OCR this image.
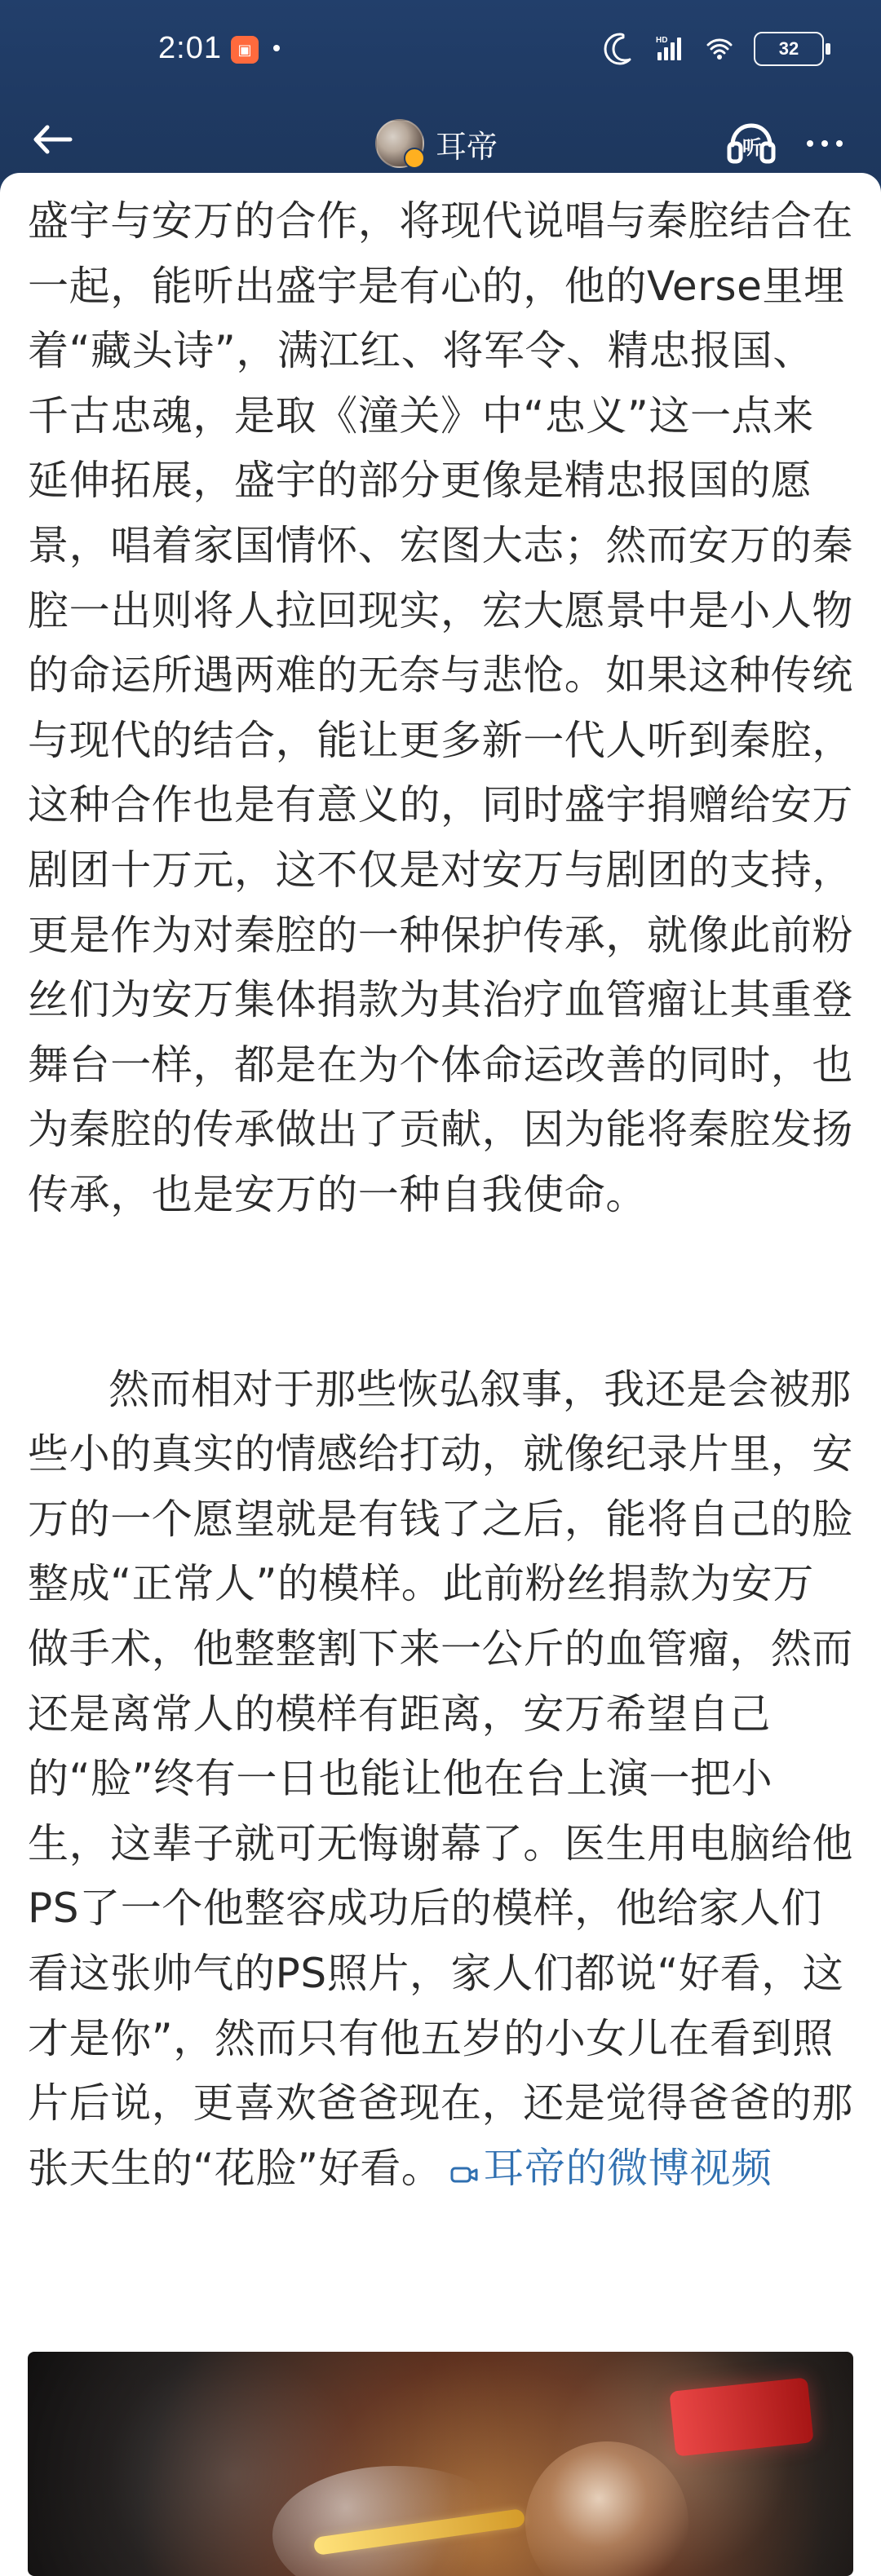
2:01	▣
HD	32
耳帝	听

盛宇与安万的合作，将现代说唱与秦腔结合在一起，能听出盛宇是有心的，他的Verse里埋着“藏头诗”，满江红、将军令、精忠报国、千古忠魂，是取《潼关》中“忠义”这一点来延伸拓展，盛宇的部分更像是精忠报国的愿景，唱着家国情怀、宏图大志；然而安万的秦腔一出则将人拉回现实，宏大愿景中是小人物的命运所遇两难的无奈与悲怆。如果这种传统与现代的结合，能让更多新一代人听到秦腔，这种合作也是有意义的，同时盛宇捐赠给安万剧团十万元，这不仅是对安万与剧团的支持，更是作为对秦腔的一种保护传承，就像此前粉丝们为安万集体捐款为其治疗血管瘤让其重登舞台一样，都是在为个体命运改善的同时，也为秦腔的传承做出了贡献，因为能将秦腔发扬传承，也是安万的一种自我使命。

然而相对于那些恢弘叙事，我还是会被那些小的真实的情感给打动，就像纪录片里，安万的一个愿望就是有钱了之后，能将自己的脸整成“正常人”的模样。此前粉丝捐款为安万做手术，他整整割下来一公斤的血管瘤，然而还是离常人的模样有距离，安万希望自己的“脸”终有一日也能让他在台上演一把小生，这辈子就可无悔谢幕了。医生用电脑给他PS了一个他整容成功后的模样，他给家人们看这张帅气的PS照片，家人们都说“好看，这才是你”，然而只有他五岁的小女儿在看到照片后说，更喜欢爸爸现在，还是觉得爸爸的那张天生的“花脸”好看。 耳帝的微博视频
